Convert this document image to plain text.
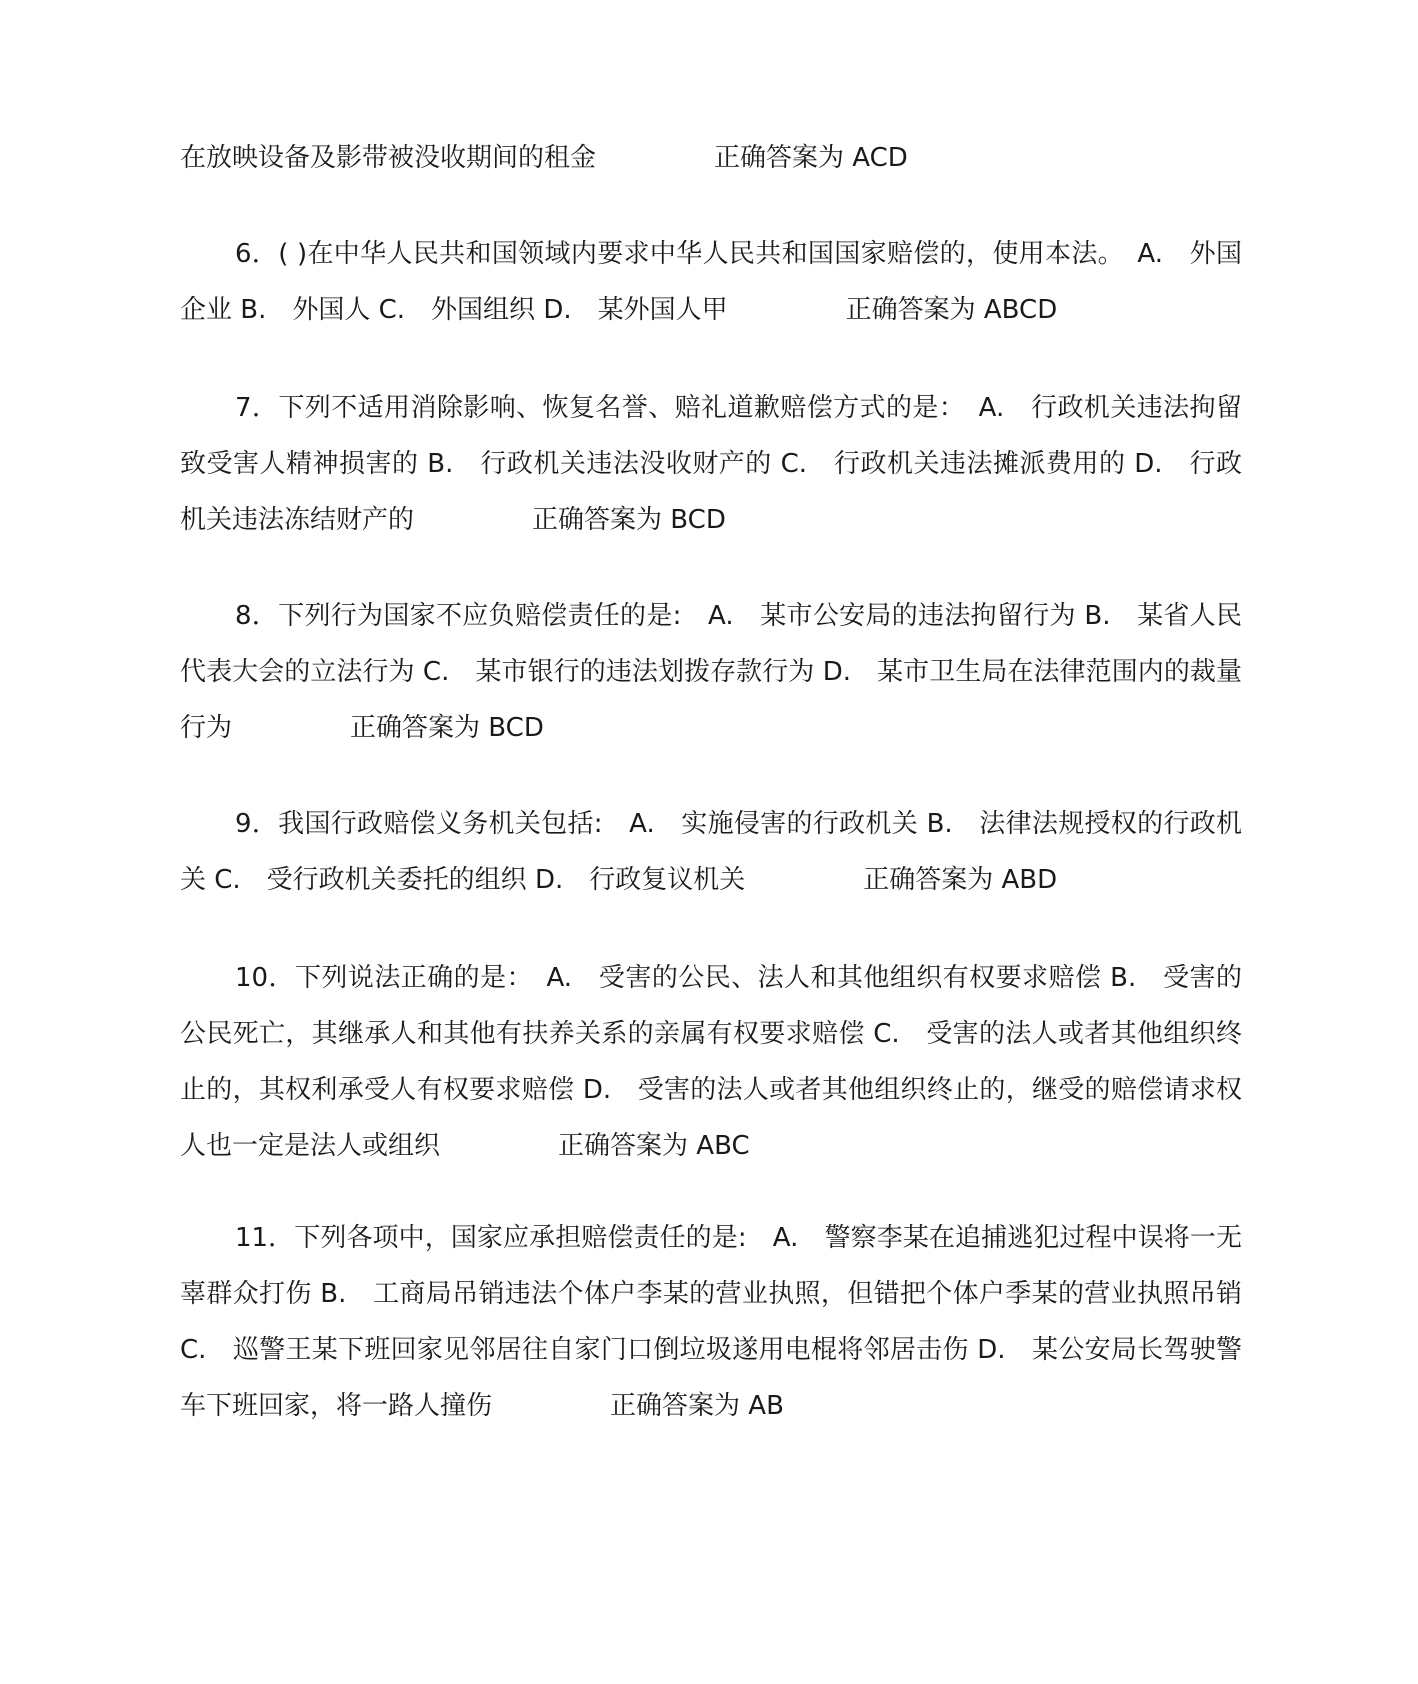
在放映设备及影带被没收期间的租金	正确答案为 ACD

6．( )在中华人民共和国领域内要求中华人民共和国国家赔偿的，使用本法。　A.　外国企业 B.　外国人 C.　外国组织 D.　某外国人甲	正确答案为 ABCD

7．下列不适用消除影响、恢复名誉、赔礼道歉赔偿方式的是：　A.　行政机关违法拘留致受害人精神损害的 B.　行政机关违法没收财产的 C.　行政机关违法摊派费用的 D.　行政机关违法冻结财产的	正确答案为 BCD

8．下列行为国家不应负赔偿责任的是:　A.　某市公安局的违法拘留行为 B.　某省人民代表大会的立法行为 C.　某市银行的违法划拨存款行为 D.　某市卫生局在法律范围内的裁量行为	正确答案为 BCD

9．我国行政赔偿义务机关包括:　A.　实施侵害的行政机关 B.　法律法规授权的行政机关 C.　受行政机关委托的组织 D.　行政复议机关	正确答案为 ABD

10．下列说法正确的是：　A.　受害的公民、法人和其他组织有权要求赔偿 B.　受害的公民死亡，其继承人和其他有扶养关系的亲属有权要求赔偿 C.　受害的法人或者其他组织终止的，其权利承受人有权要求赔偿 D.　受害的法人或者其他组织终止的，继受的赔偿请求权人也一定是法人或组织	正确答案为 ABC

11．下列各项中，国家应承担赔偿责任的是:　A.　警察李某在追捕逃犯过程中误将一无辜群众打伤 B.　工商局吊销违法个体户李某的营业执照，但错把个体户季某的营业执照吊销 C.　巡警王某下班回家见邻居往自家门口倒垃圾遂用电棍将邻居击伤 D.　某公安局长驾驶警车下班回家，将一路人撞伤	正确答案为 AB
